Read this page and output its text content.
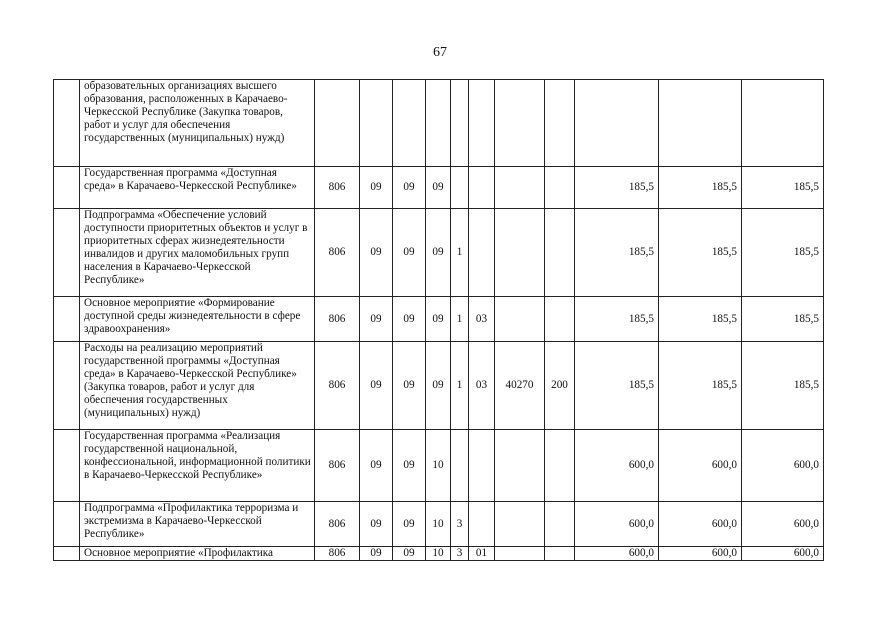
67
	образовательных организациях высшего образования, расположенных в Карачаево-Черкесской Республике (Закупка товаров, работ и услуг для обеспечения государственных (муниципальных) нужд)											
	Государственная программа «Доступная среда» в Карачаево-Черкесской Республике»	806	09	09	09					185,5	185,5	185,5
	Подпрограмма «Обеспечение условий доступности приоритетных объектов и услуг в приоритетных сферах жизнедеятельности инвалидов и других маломобильных групп населения в Карачаево-Черкесской Республике»	806	09	09	09	1				185,5	185,5	185,5
	Основное мероприятие «Формирование доступной среды жизнедеятельности в сфере здравоохранения»	806	09	09	09	1	03			185,5	185,5	185,5
	Расходы на реализацию мероприятий государственной программы «Доступная среда» в Карачаево-Черкесской Республике» (Закупка товаров, работ и услуг для обеспечения государственных (муниципальных) нужд)	806	09	09	09	1	03	40270	200	185,5	185,5	185,5
	Государственная программа «Реализация государственной национальной, конфессиональной, информационной политики в Карачаево-Черкесской Республике»	806	09	09	10					600,0	600,0	600,0
	Подпрограмма «Профилактика терроризма и экстремизма в Карачаево-Черкесской Республике»	806	09	09	10	3				600,0	600,0	600,0
	Основное мероприятие «Профилактика	806	09	09	10	3	01			600,0	600,0	600,0
